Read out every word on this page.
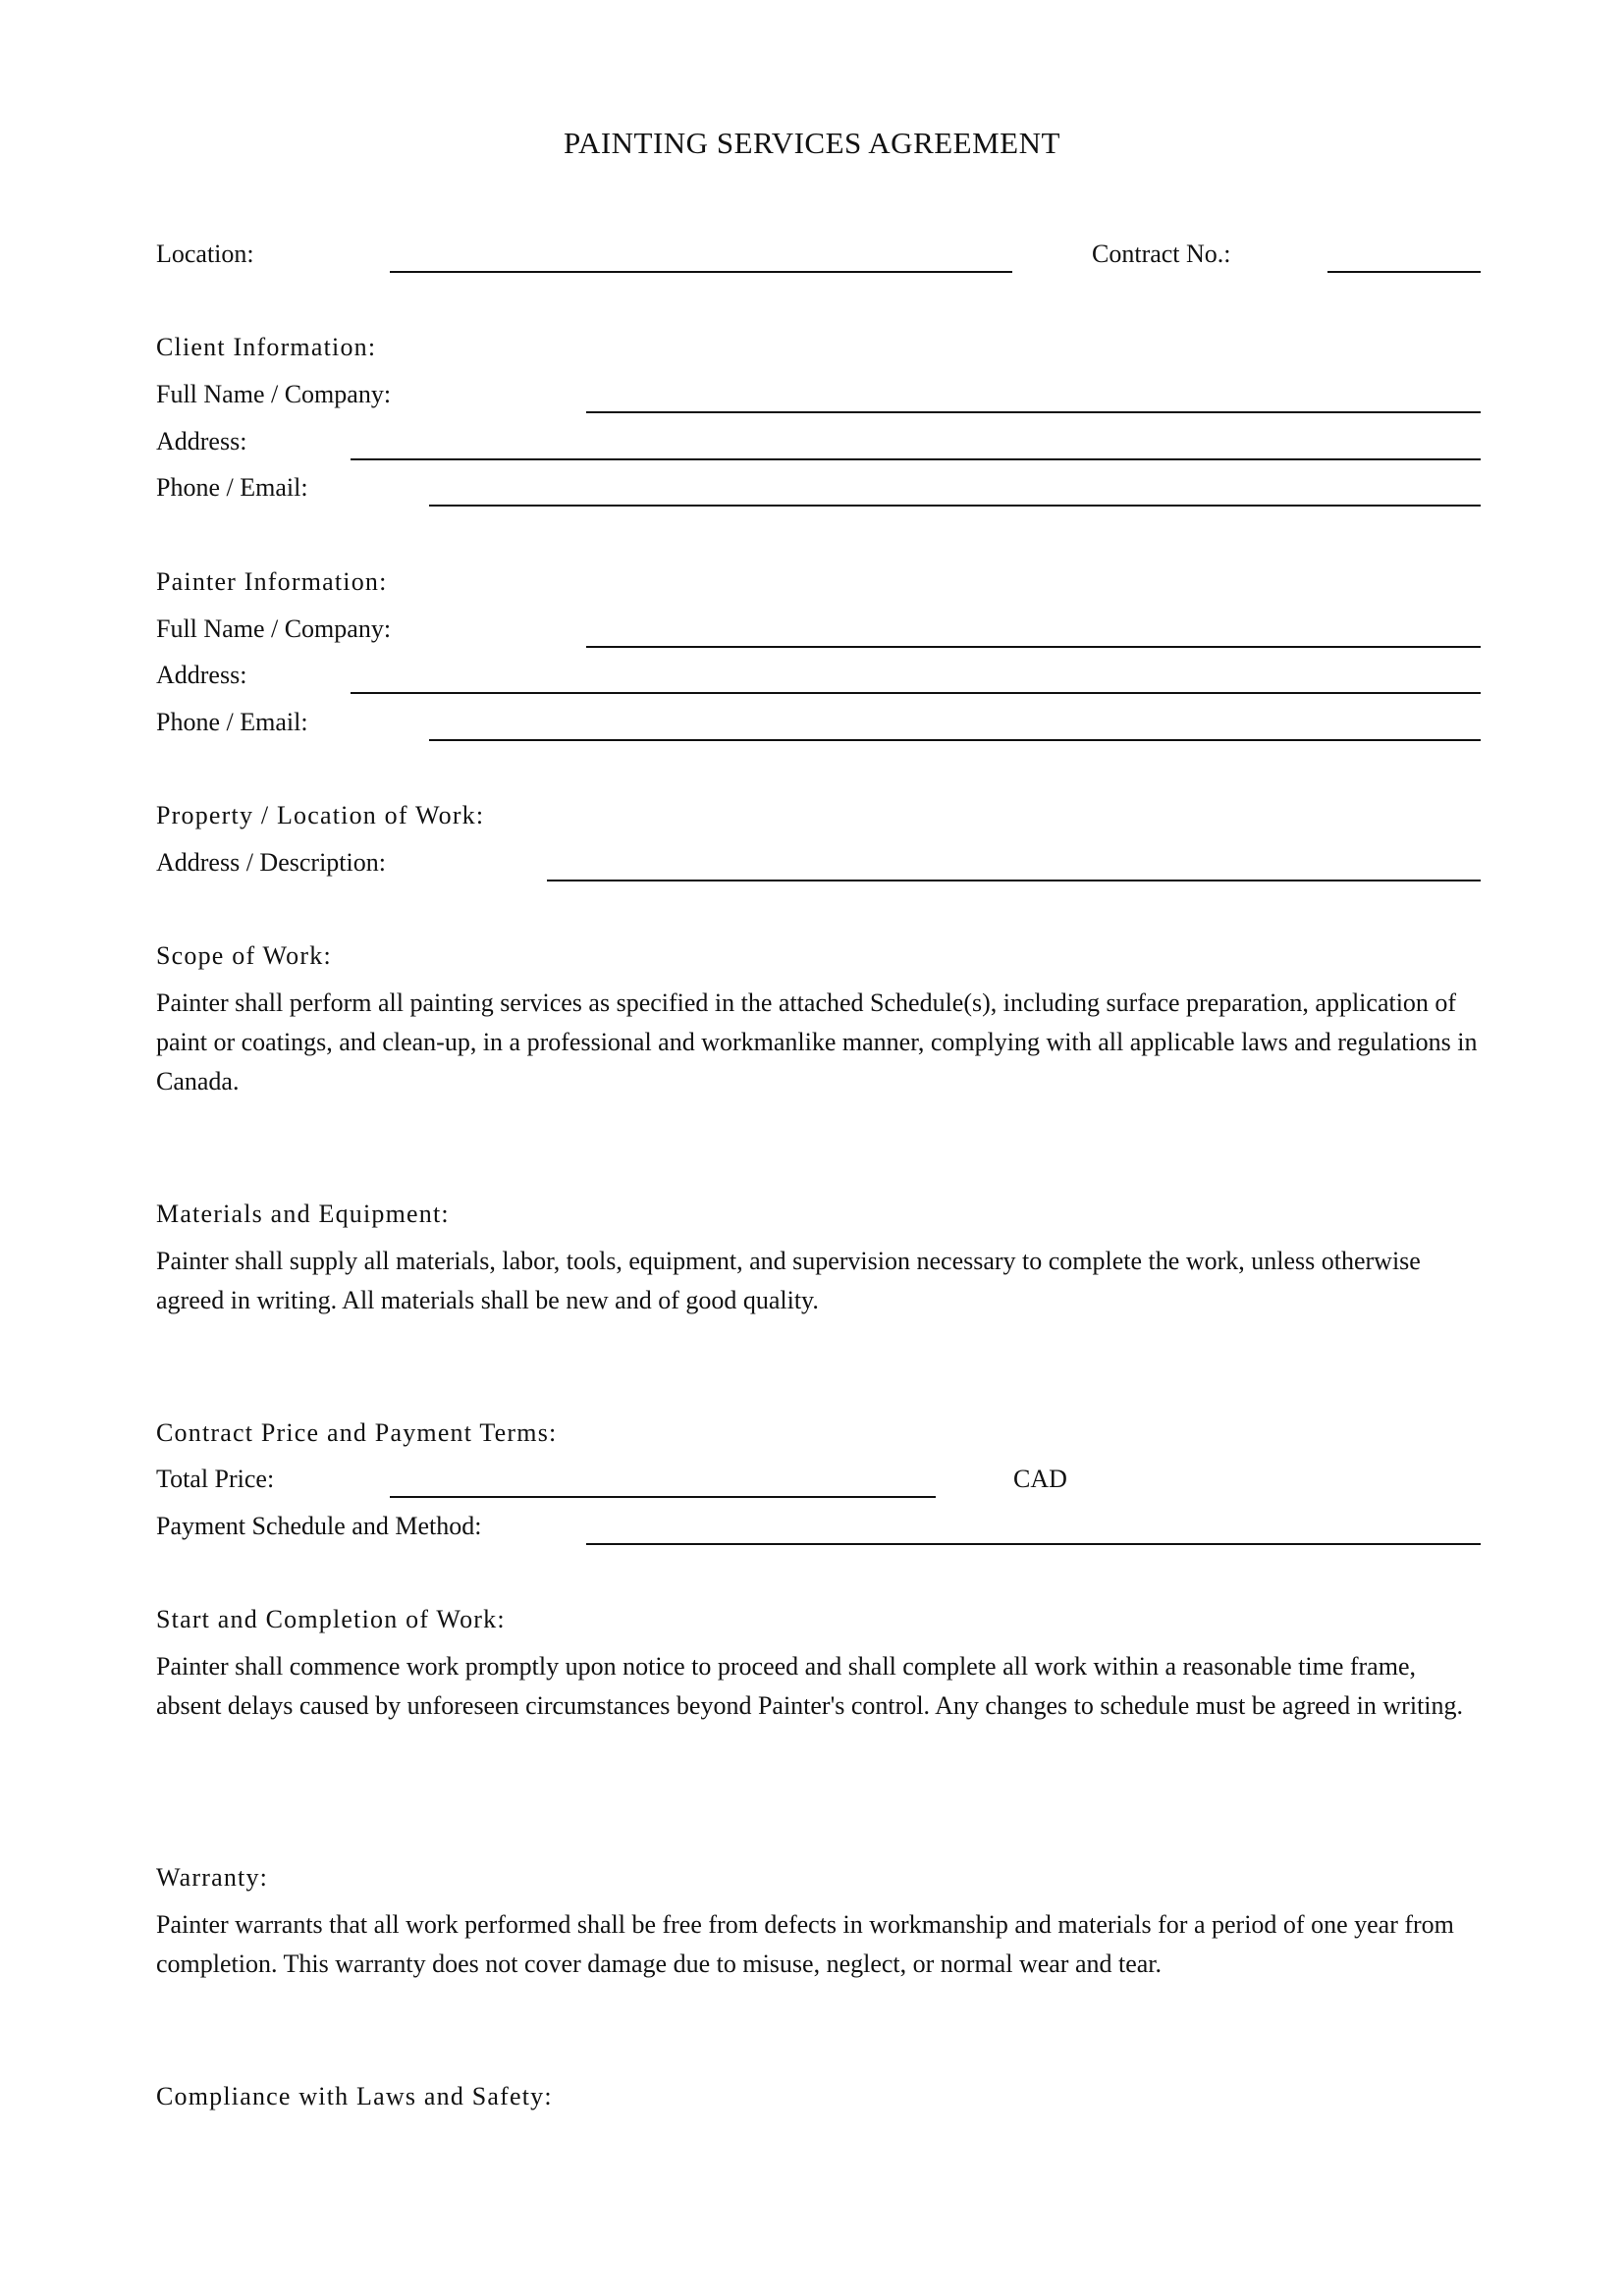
PAINTING SERVICES AGREEMENT
Location:	Contract No.:
Client Information:
Full Name / Company:
Address:
Phone / Email:
Painter Information:
Full Name / Company:
Address:
Phone / Email:
Property / Location of Work:
Address / Description:
Scope of Work:
Painter shall perform all painting services as specified in the attached Schedule(s), including surface preparation, application of paint or coatings, and clean-up, in a professional and workmanlike manner, complying with all applicable laws and regulations in Canada.
Materials and Equipment:
Painter shall supply all materials, labor, tools, equipment, and supervision necessary to complete the work, unless otherwise agreed in writing. All materials shall be new and of good quality.
Contract Price and Payment Terms:
Total Price:	CAD
Payment Schedule and Method:
Start and Completion of Work:
Painter shall commence work promptly upon notice to proceed and shall complete all work within a reasonable time frame, absent delays caused by unforeseen circumstances beyond Painter's control. Any changes to schedule must be agreed in writing.
Warranty:
Painter warrants that all work performed shall be free from defects in workmanship and materials for a period of one year from completion. This warranty does not cover damage due to misuse, neglect, or normal wear and tear.
Compliance with Laws and Safety:
